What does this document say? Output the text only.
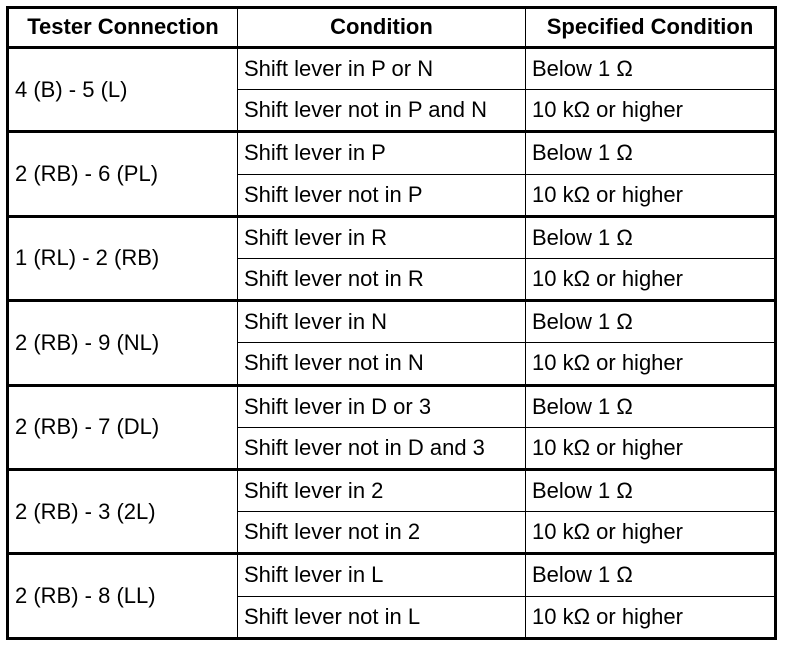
Tester Connection	Condition	Specified Condition
4 (B) - 5 (L)	Shift lever in P or N	Below 1 Ω
	Shift lever not in P and N	10 kΩ or higher
2 (RB) - 6 (PL)	Shift lever in P	Below 1 Ω
	Shift lever not in P	10 kΩ or higher
1 (RL) - 2 (RB)	Shift lever in R	Below 1 Ω
	Shift lever not in R	10 kΩ or higher
2 (RB) - 9 (NL)	Shift lever in N	Below 1 Ω
	Shift lever not in N	10 kΩ or higher
2 (RB) - 7 (DL)	Shift lever in D or 3	Below 1 Ω
	Shift lever not in D and 3	10 kΩ or higher
2 (RB) - 3 (2L)	Shift lever in 2	Below 1 Ω
	Shift lever not in 2	10 kΩ or higher
2 (RB) - 8 (LL)	Shift lever in L	Below 1 Ω
	Shift lever not in L	10 kΩ or higher
